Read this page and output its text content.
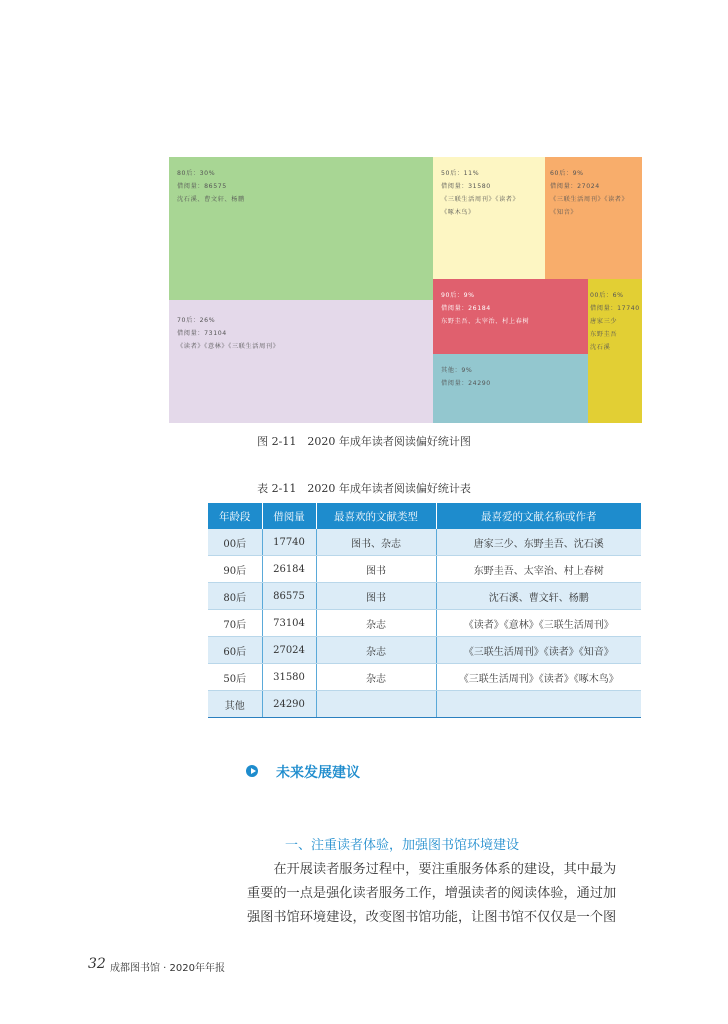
80后：30%
借阅量：86575
沈石溪、曹文轩、杨鹏
50后：11%
借阅量：31580
《三联生活周刊》《读者》
《啄木鸟》
60后：9%
借阅量：27024
《三联生活周刊》《读者》
《知音》
70后：26%
借阅量：73104
《读者》《意林》《三联生活周刊》
90后：9%
借阅量：26184
东野圭吾、太宰治、村上春树
00后：6%
借阅量：17740
唐家三少
东野圭吾
沈石溪
其他：9%
借阅量：24290
图 2-11　2020 年成年读者阅读偏好统计图
表 2-11　2020 年成年读者阅读偏好统计表
年龄段	借阅量	最喜欢的文献类型	最喜爱的文献名称或作者
00后	17740	图书、杂志	唐家三少、东野圭吾、沈石溪
90后	26184	图书	东野圭吾、太宰治、村上春树
80后	86575	图书	沈石溪、曹文轩、杨鹏
70后	73104	杂志	《读者》《意林》《三联生活周刊》
60后	27024	杂志	《三联生活周刊》《读者》《知音》
50后	31580	杂志	《三联生活周刊》《读者》《啄木鸟》
其他	24290		
未来发展建议
一、注重读者体验，加强图书馆环境建设

　　在开展读者服务过程中，要注重服务体系的建设，其中最为

重要的一点是强化读者服务工作，增强读者的阅读体验，通过加

强图书馆环境建设，改变图书馆功能，让图书馆不仅仅是一个图

32 成都图书馆 · 2020年年报
